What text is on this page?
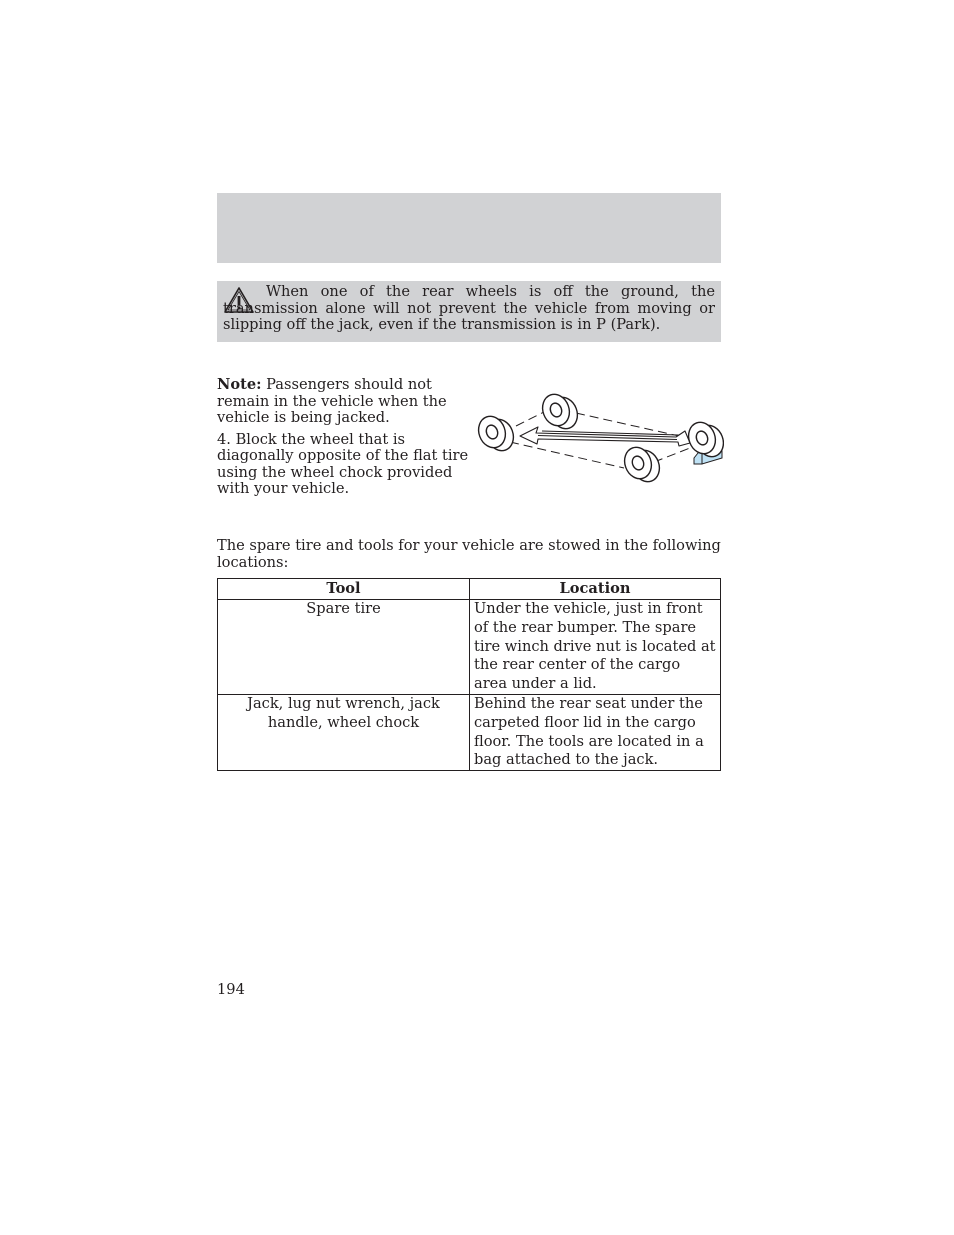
When one of the rear wheels is off the ground, the transmission alone will not prevent the vehicle from moving or slipping off the jack, even if the transmission is in P (Park).

Note: Passengers should not remain in the vehicle when the vehicle is being jacked.

4. Block the wheel that is diagonally opposite of the flat tire using the wheel chock provided with your vehicle.

The spare tire and tools for your vehicle are stowed in the following locations:

Tool	Location
Spare tire	Under the vehicle, just in front of the rear bumper. The spare tire winch drive nut is located at the rear center of the cargo area under a lid.
Jack, lug nut wrench, jack handle, wheel chock	Behind the rear seat under the carpeted floor lid in the cargo floor. The tools are located in a bag attached to the jack.

194
